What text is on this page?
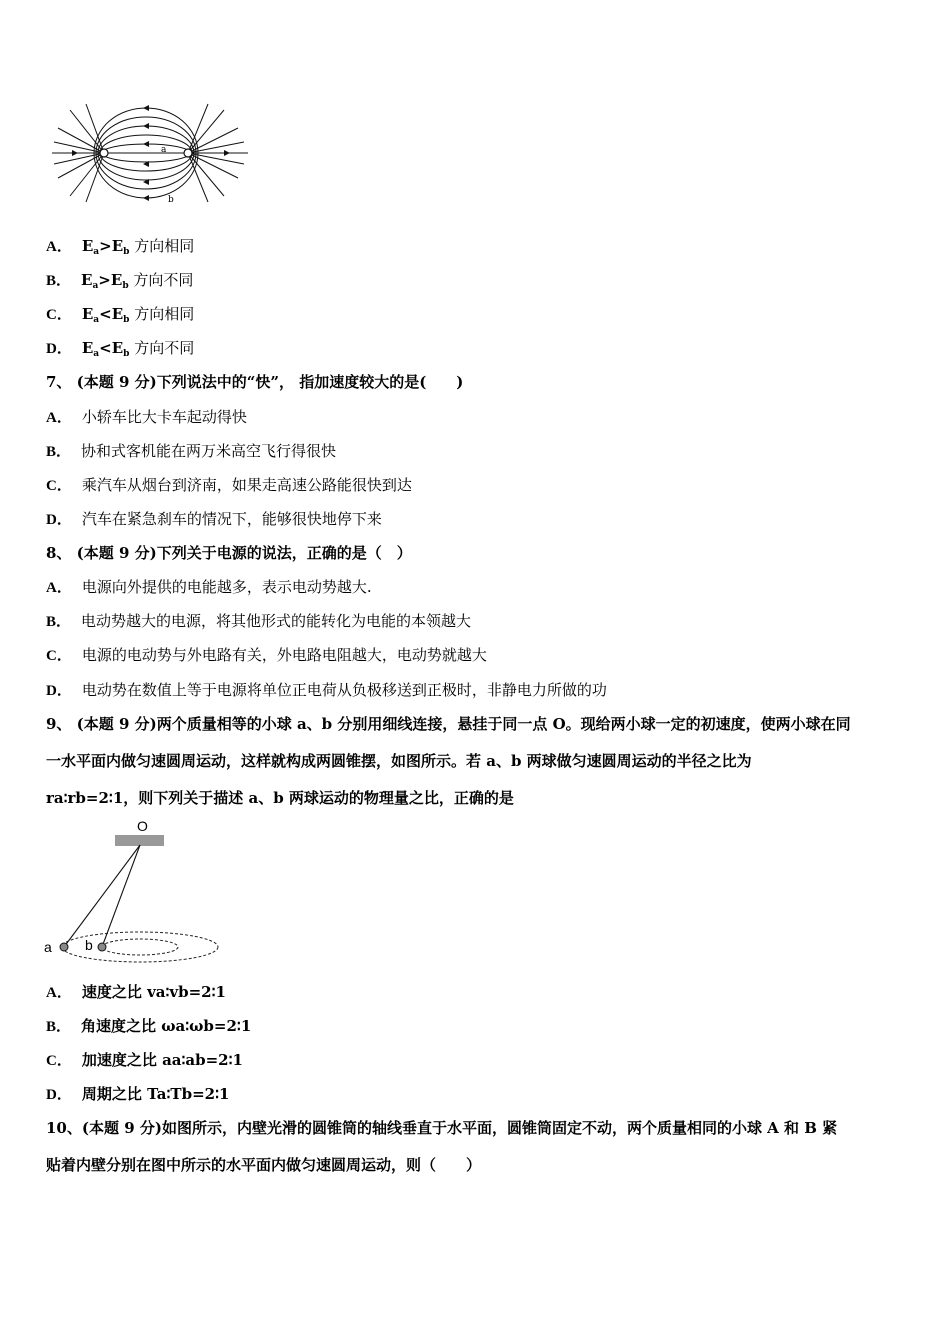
a
b
A． $E_a>E_b$ 方向相同
B． $E_a>E_b$ 方向不同
C． $E_a<E_b$ 方向相同
D． $E_a<E_b$ 方向不同
7、 (本题 9 分)下列说法中的“快”， 指加速度较大的是(　　)
A． 小轿车比大卡车起动得快
B． 协和式客机能在两万米高空飞行得很快
C． 乘汽车从烟台到济南，如果走高速公路能很快到达
D． 汽车在紧急刹车的情况下，能够很快地停下来
8、 (本题 9 分)下列关于电源的说法，正确的是（　）
A． 电源向外提供的电能越多，表示电动势越大.
B． 电动势越大的电源，将其他形式的能转化为电能的本领越大
C． 电源的电动势与外电路有关，外电路电阻越大，电动势就越大
D． 电动势在数值上等于电源将单位正电荷从负极移送到正极时，非静电力所做的功
9、 (本题 9 分)两个质量相等的小球 a、b 分别用细线连接，悬挂于同一点 O。现给两小球一定的初速度，使两小球在同
一水平面内做匀速圆周运动，这样就构成两圆锥摆，如图所示。若 a、b 两球做匀速圆周运动的半径之比为
ra∶rb=2∶1，则下列关于描述 a、b 两球运动的物理量之比，正确的是
O
a b
A． 速度之比 va∶vb=2∶1
B． 角速度之比 ωa∶ωb=2∶1
C． 加速度之比 aa∶ab=2∶1
D． 周期之比 Ta∶Tb=2∶1
10、(本题 9 分)如图所示，内壁光滑的圆锥筒的轴线垂直于水平面，圆锥筒固定不动，两个质量相同的小球 A 和 B 紧
贴着内壁分别在图中所示的水平面内做匀速圆周运动，则（　　）
